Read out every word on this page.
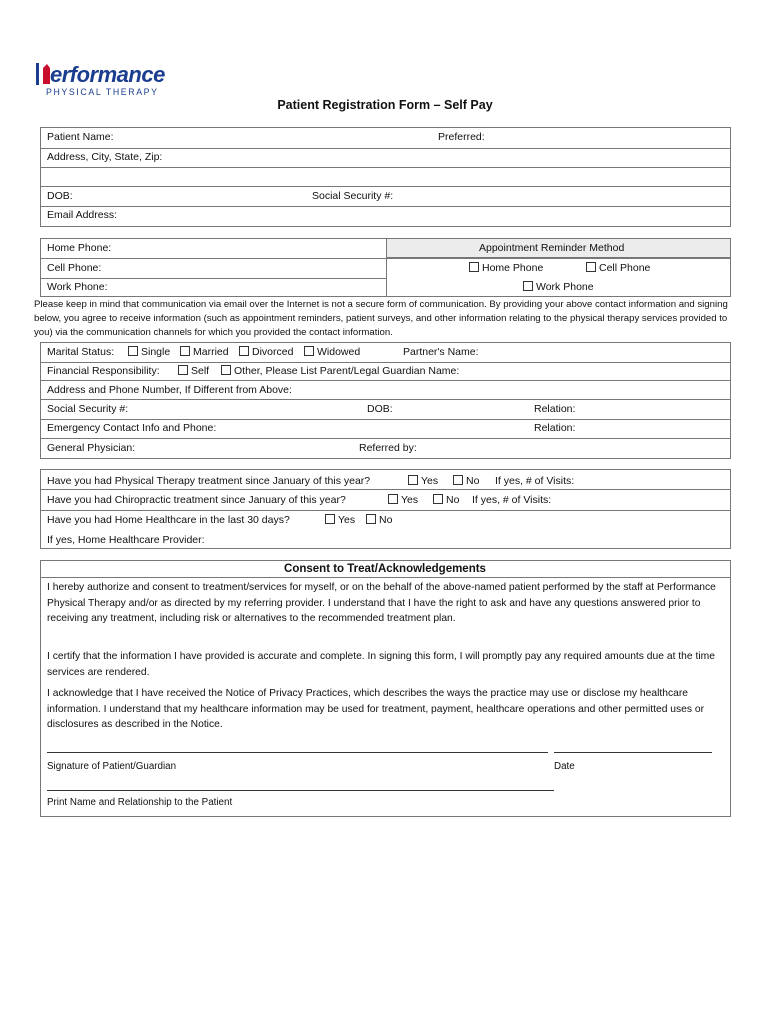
erformance
PHYSICAL THERAPY
Patient Registration Form – Self Pay
Patient Name:	Preferred:
Address, City, State, Zip:
DOB:	Social Security #:
Email Address:
Home Phone:
Cell Phone:
Work Phone:
Appointment Reminder Method
Home Phone	Cell Phone
Work Phone
Please keep in mind that communication via email over the Internet is not a secure form of communication. By providing your above contact information and signing below, you agree to receive information (such as appointment reminders, patient surveys, and other information relating to the physical therapy services provided to you) via the communication channels for which you provided the contact information.
Marital Status:	Single	Married	Divorced	Widowed	Partner's Name:
Financial Responsibility:	Self	Other, Please List Parent/Legal Guardian Name:
Address and Phone Number, If Different from Above:
Social Security #:	DOB:	Relation:
Emergency Contact Info and Phone:	Relation:
General Physician:	Referred by:
Have you had Physical Therapy treatment since January of this year?	Yes	No If yes, # of Visits:
Have you had Chiropractic treatment since January of this year?	Yes	No If yes, # of Visits:
Have you had Home Healthcare in the last 30 days?	Yes	No
If yes, Home Healthcare Provider:
Consent to Treat/Acknowledgements
I hereby authorize and consent to treatment/services for myself, or on the behalf of the above-named patient performed by the staff at Performance Physical Therapy and/or as directed by my referring provider. I understand that I have the right to ask and have any questions answered prior to receiving any treatment, including risk or alternatives to the recommended treatment plan.
I certify that the information I have provided is accurate and complete. In signing this form, I will promptly pay any required amounts due at the time services are rendered.
I acknowledge that I have received the Notice of Privacy Practices, which describes the ways the practice may use or disclose my healthcare information. I understand that my healthcare information may be used for treatment, payment, healthcare operations and other permitted uses or disclosures as described in the Notice.
Signature of Patient/Guardian	Date
Print Name and Relationship to the Patient
